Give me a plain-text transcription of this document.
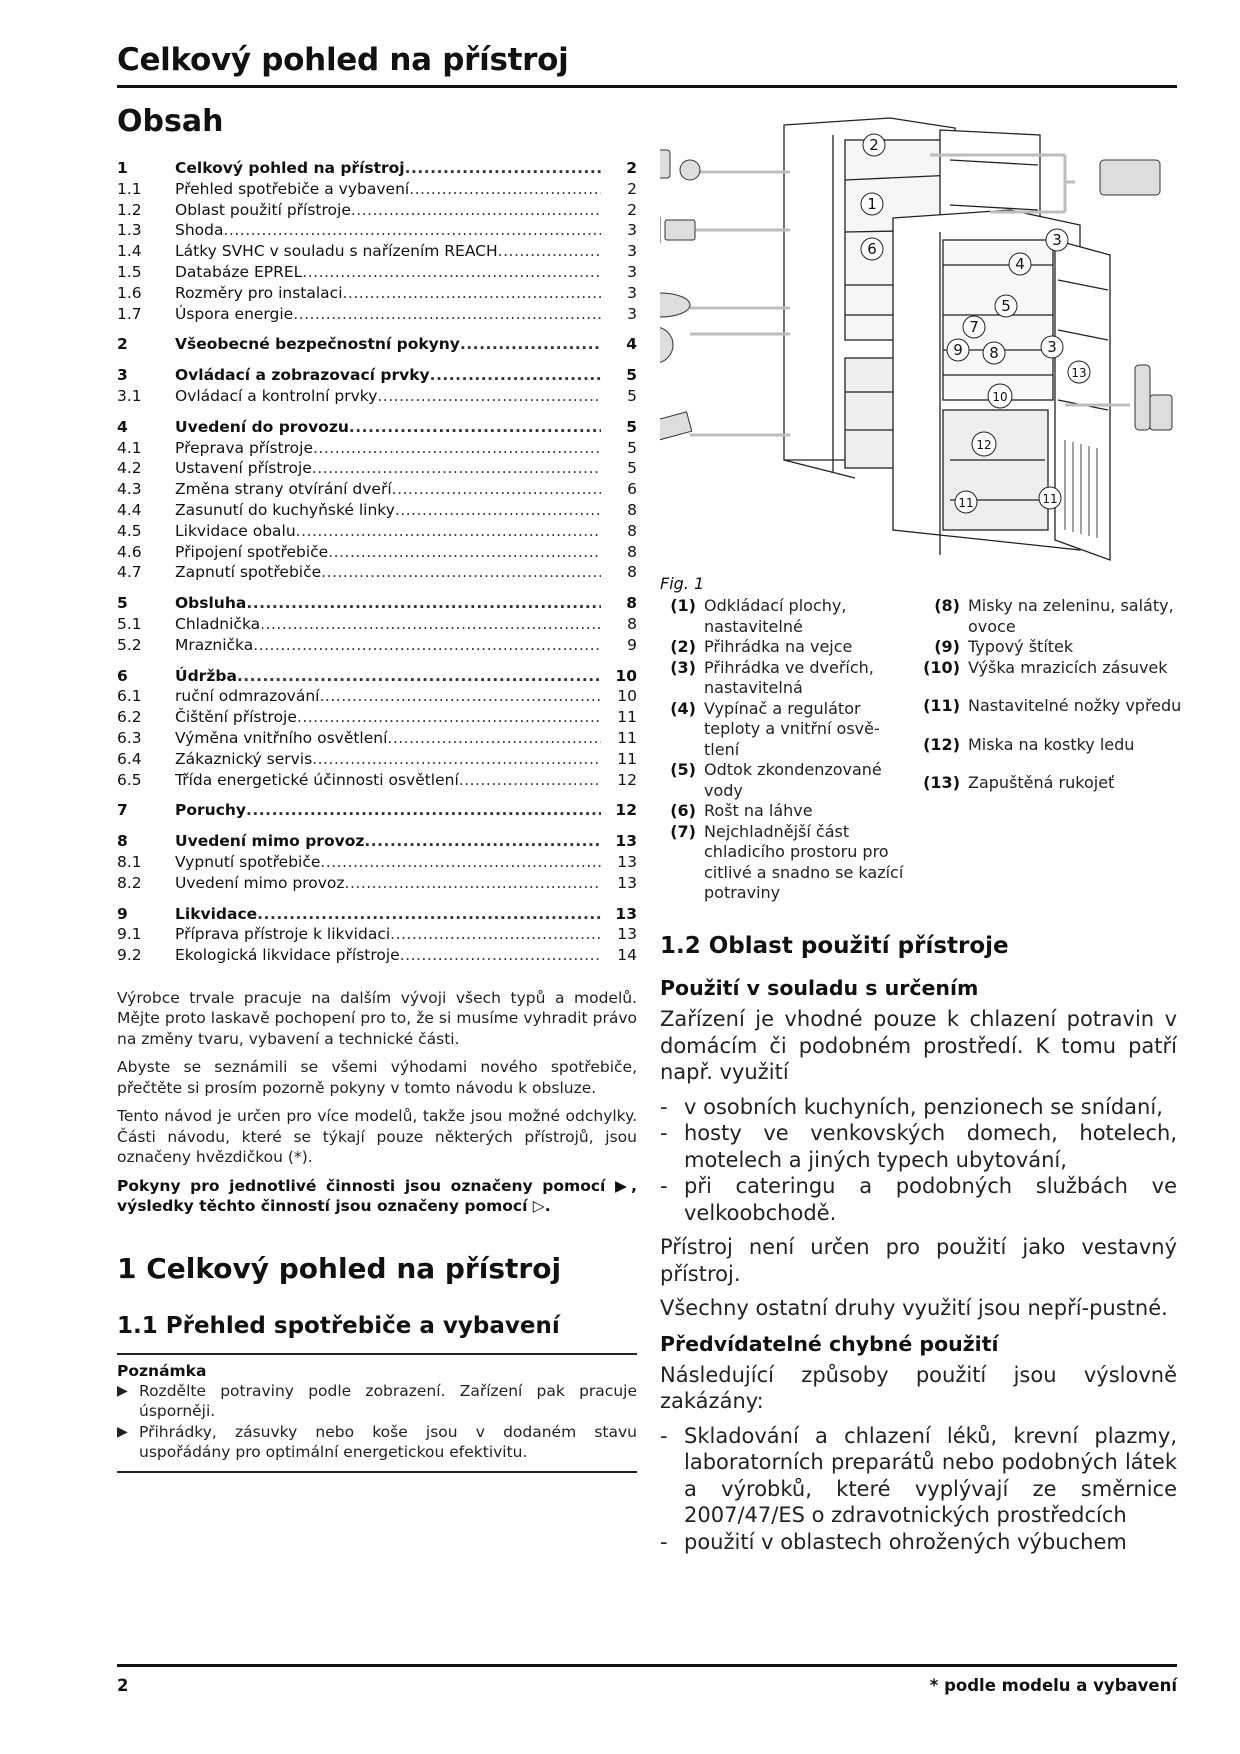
Celkový pohled na přístroj
Obsah
1	Celkový pohled na přístroj .....	2
1.1	Přehled spotřebiče a vybavení .....	2
1.2	Oblast použití přístroje .....	2
1.3	Shoda .....	3
1.4	Látky SVHC v souladu s nařízením REACH .....	3
1.5	Databáze EPREL .....	3
1.6	Rozměry pro instalaci .....	3
1.7	Úspora energie .....	3
2	Všeobecné bezpečnostní pokyny .....	4
3	Ovládací a zobrazovací prvky .....	5
3.1	Ovládací a kontrolní prvky .....	5
4	Uvedení do provozu .....	5
4.1	Přeprava přístroje .....	5
4.2	Ustavení přístroje .....	5
4.3	Změna strany otvírání dveří .....	6
4.4	Zasunutí do kuchyňské linky .....	8
4.5	Likvidace obalu .....	8
4.6	Připojení spotřebiče .....	8
4.7	Zapnutí spotřebiče .....	8
5	Obsluha .....	8
5.1	Chladnička .....	8
5.2	Mraznička .....	9
6	Údržba .....	10
6.1	ruční odmrazování .....	10
6.2	Čištění přístroje .....	11
6.3	Výměna vnitřního osvětlení .....	11
6.4	Zákaznický servis .....	11
6.5	Třída energetické účinnosti osvětlení .....	12
7	Poruchy .....	12
8	Uvedení mimo provoz .....	13
8.1	Vypnutí spotřebiče .....	13
8.2	Uvedení mimo provoz .....	13
9	Likvidace .....	13
9.1	Příprava přístroje k likvidaci .....	13
9.2	Ekologická likvidace přístroje .....	14

Výrobce trvale pracuje na dalším vývoji všech typů a modelů. Mějte proto laskavě pochopení pro to, že si musíme vyhradit právo na změny tvaru, vybavení a technické části.

Abyste se seznámili se všemi výhodami nového spotřebiče, přečtěte si prosím pozorně pokyny v tomto návodu k obsluze.

Tento návod je určen pro více modelů, takže jsou možné odchylky. Části návodu, které se týkají pouze některých přístrojů, jsou označeny hvězdičkou (*).

Pokyny pro jednotlivé činnosti jsou označeny pomocí ▶, výsledky těchto činností jsou označeny pomocí ▷.

1 Celkový pohled na přístroj
1.1 Přehled spotřebiče a vybavení
Poznámka
▶ Rozdělte potraviny podle zobrazení. Zařízení pak pracuje úsporněji.
▶ Přihrádky, zásuvky nebo koše jsou v dodaném stavu uspořádány pro optimální energetickou efektivitu.
2
1
6	3
4
5
7
9 8	3
13
10
12
11	11
Fig. 1
(1) Odkládací plochy, nastavitelné
(2) Přihrádka na vejce
(3) Přihrádka ve dveřích, nastavitelná
(4) Vypínač a regulátor teploty a vnitřní osvě-tlení
(5) Odtok zkondenzované vody
(6) Rošt na láhve
(7) Nejchladnější část chladicího prostoru pro citlivé a snadno se kazící potraviny
(8) Misky na zeleninu, saláty, ovoce
(9) Typový štítek
(10) Výška mrazicích zásuvek
(11) Nastavitelné nožky vpředu
(12) Miska na kostky ledu
(13) Zapuštěná rukojeť
1.2 Oblast použití přístroje
Použití v souladu s určením

Zařízení je vhodné pouze k chlazení potravin v domácím či podobném prostředí. K tomu patří např. využití

- v osobních kuchyních, penzionech se snídaní,
- hosty ve venkovských domech, hotelech, motelech a jiných typech ubytování,
- při cateringu a podobných službách ve velkoobchodě.

Přístroj není určen pro použití jako vestavný přístroj.

Všechny ostatní druhy využití jsou nepří-pustné.

Předvídatelné chybné použití

Následující způsoby použití jsou výslovně zakázány:

- Skladování a chlazení léků, krevní plazmy, laboratorních preparátů nebo podobných látek a výrobků, které vyplývají ze směrnice 2007/47/ES o zdravotnických prostředcích
- použití v oblastech ohrožených výbuchem
2	* podle modelu a vybavení
